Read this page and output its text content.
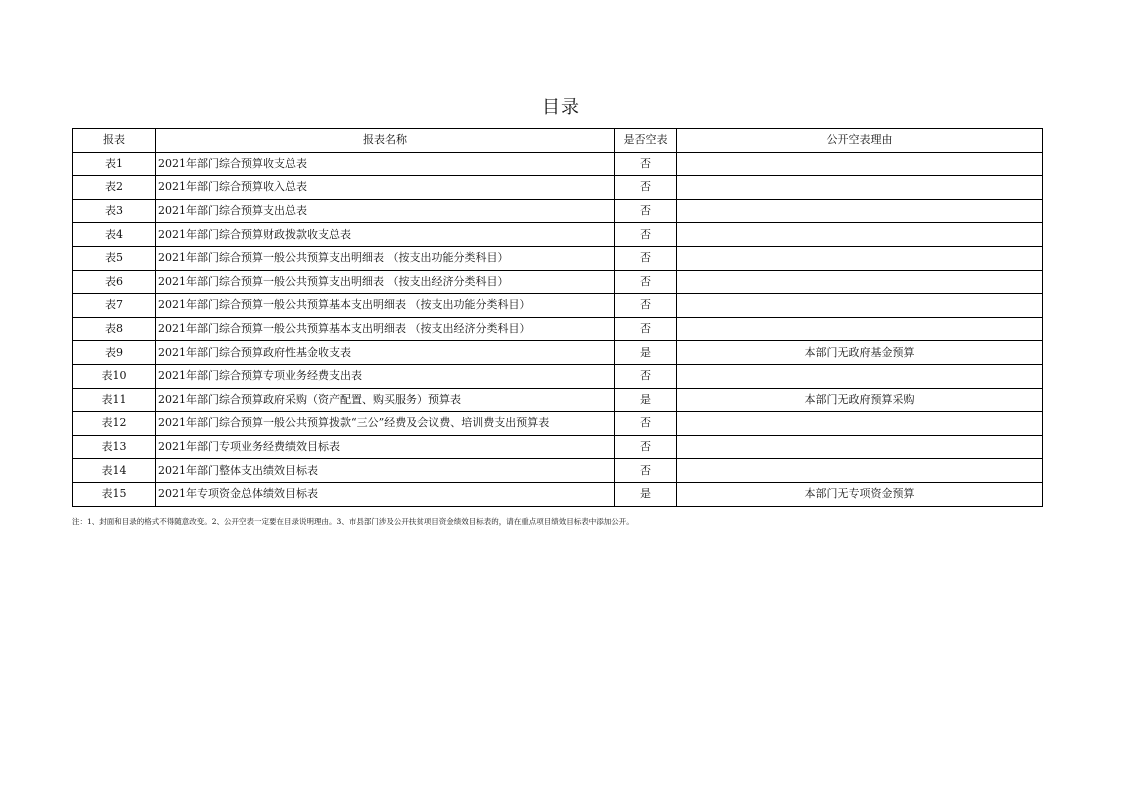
目录
报表	报表名称	是否空表	公开空表理由
表1	2021年部门综合预算收支总表	否	
表2	2021年部门综合预算收入总表	否	
表3	2021年部门综合预算支出总表	否	
表4	2021年部门综合预算财政拨款收支总表	否	
表5	2021年部门综合预算一般公共预算支出明细表 （按支出功能分类科目）	否	
表6	2021年部门综合预算一般公共预算支出明细表 （按支出经济分类科目）	否	
表7	2021年部门综合预算一般公共预算基本支出明细表 （按支出功能分类科目）	否	
表8	2021年部门综合预算一般公共预算基本支出明细表 （按支出经济分类科目）	否	
表9	2021年部门综合预算政府性基金收支表	是	本部门无政府基金预算
表10	2021年部门综合预算专项业务经费支出表	否	
表11	2021年部门综合预算政府采购（资产配置、购买服务）预算表	是	本部门无政府预算采购
表12	2021年部门综合预算一般公共预算拨款“三公”经费及会议费、培训费支出预算表	否	
表13	2021年部门专项业务经费绩效目标表	否	
表14	2021年部门整体支出绩效目标表	否	
表15	2021年专项资金总体绩效目标表	是	本部门无专项资金预算
注：1、封面和目录的格式不得随意改变。2、公开空表一定要在目录说明理由。3、市县部门涉及公开扶贫项目资金绩效目标表的，请在重点项目绩效目标表中添加公开。
